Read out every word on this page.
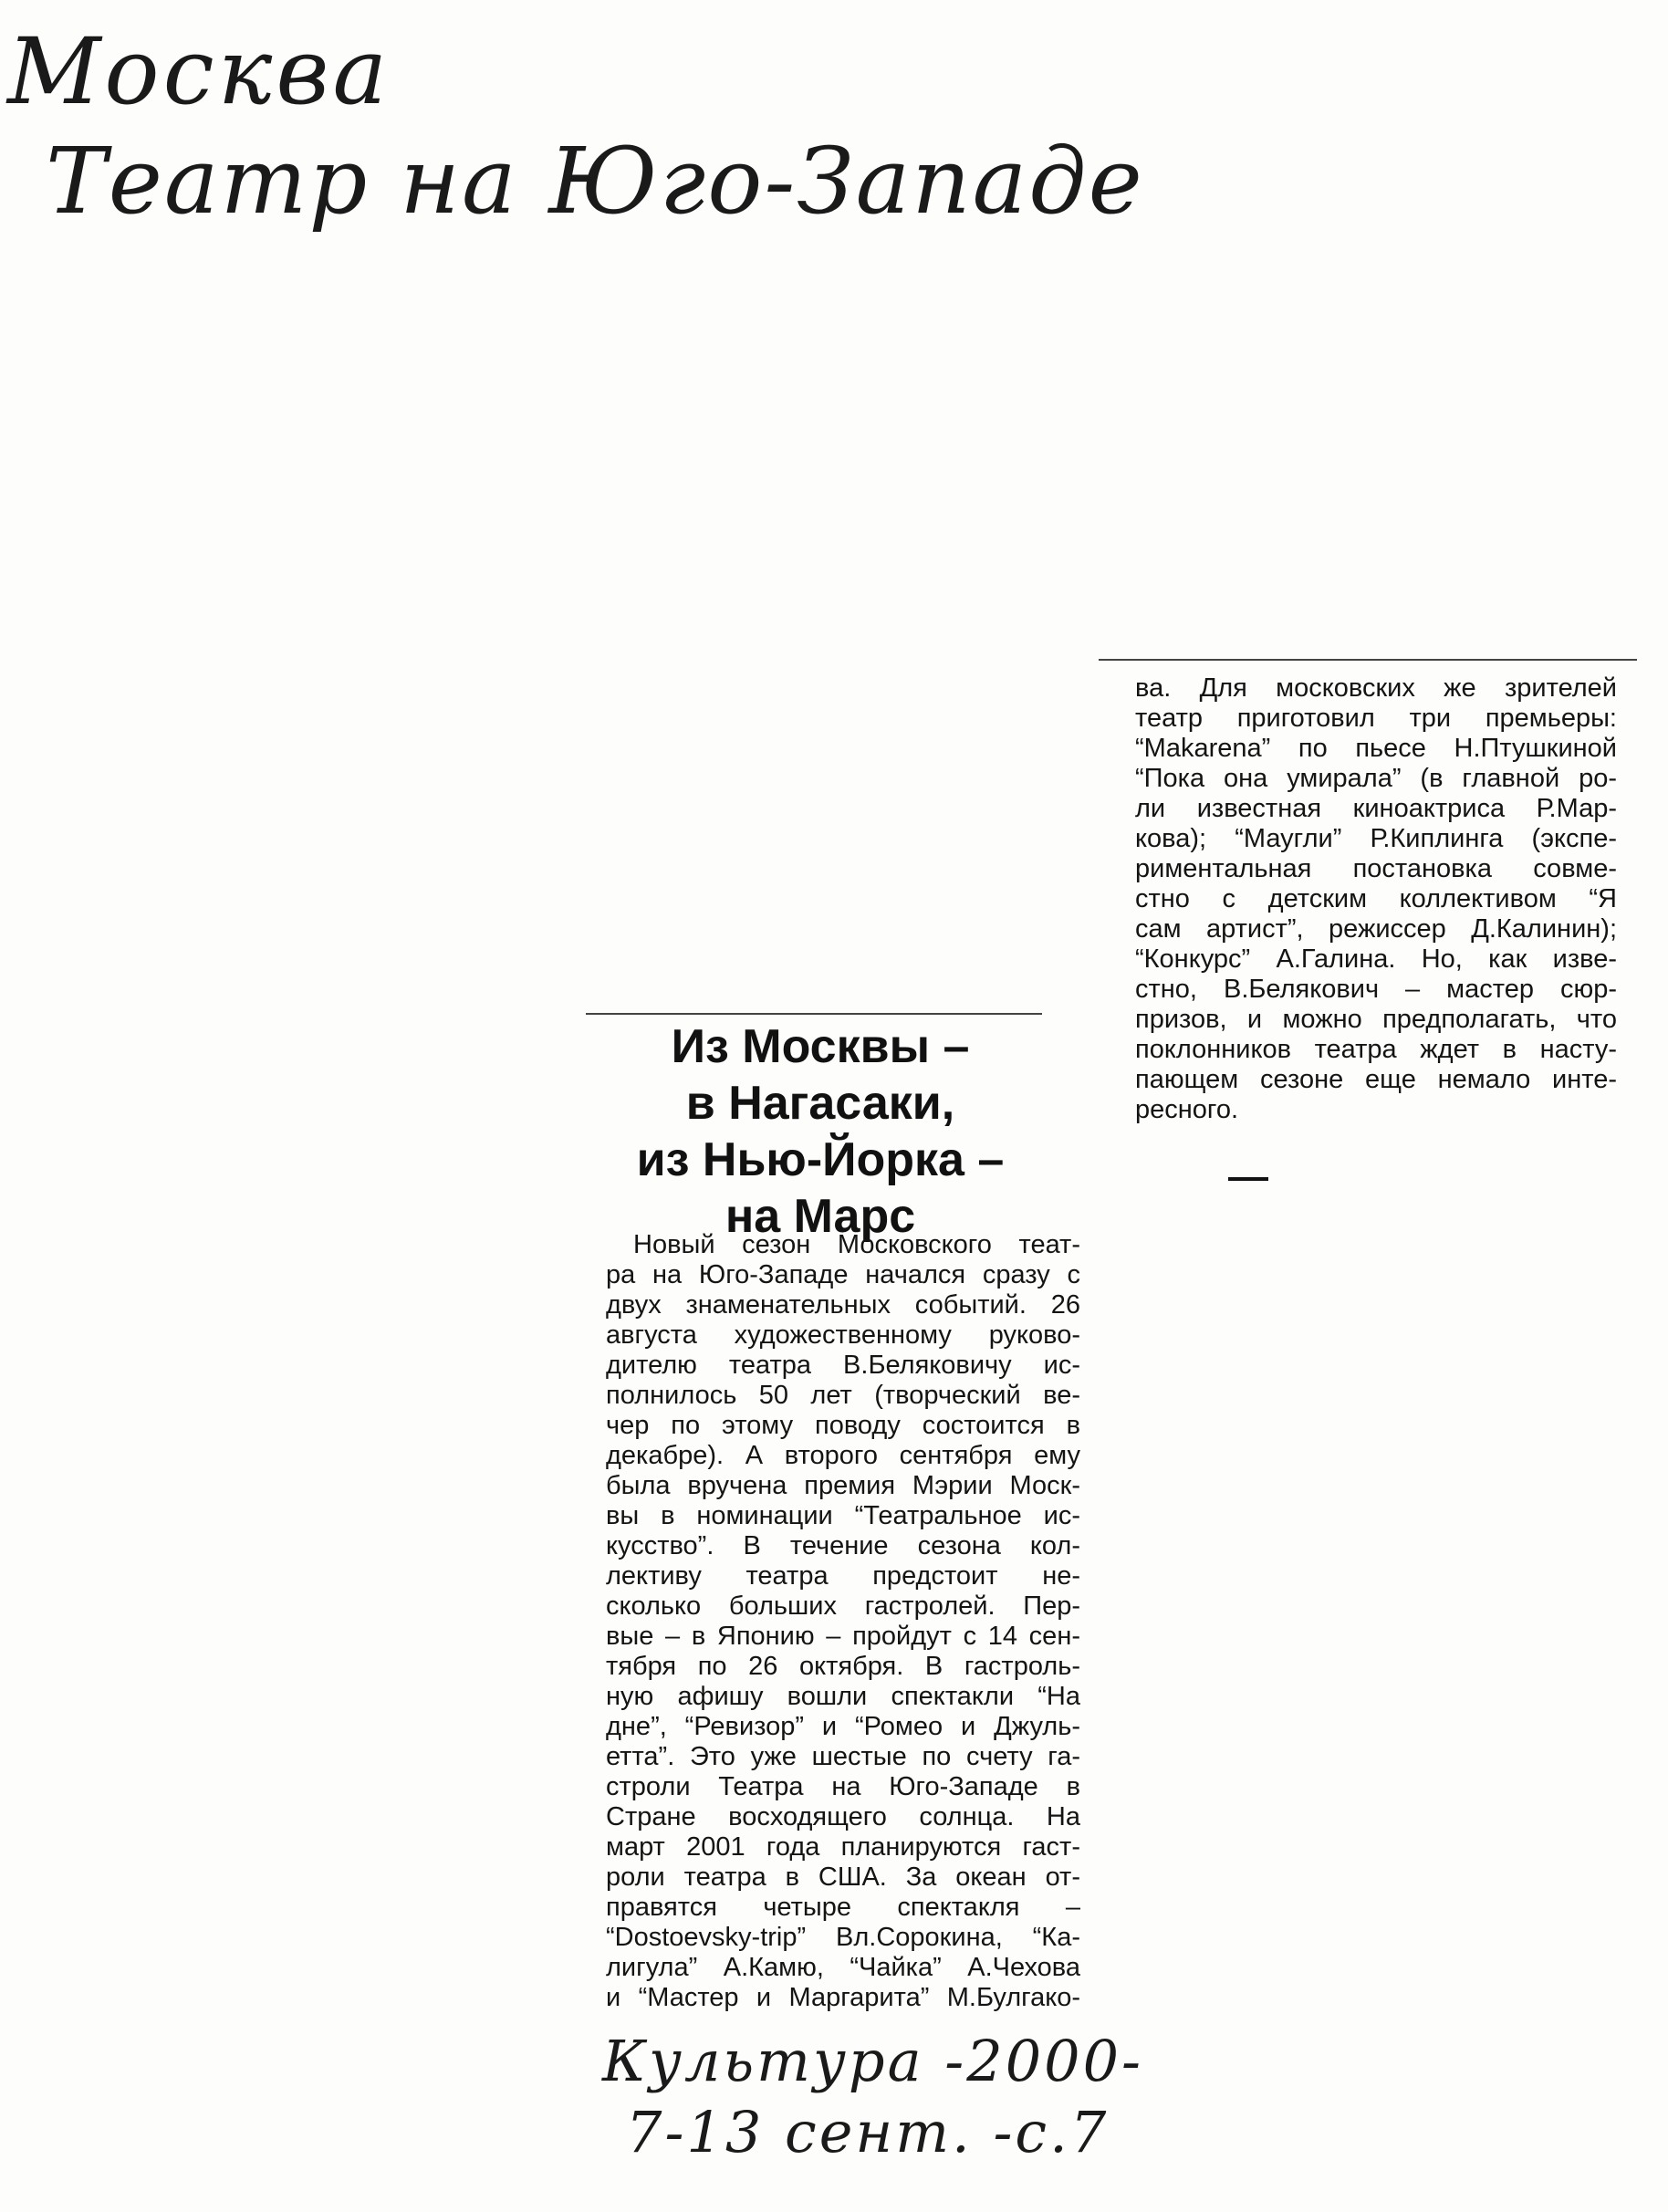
Москва
Театр на Юго-Западе
ва. Для московских же зрителей
театр приготовил три премьеры:
“Makarena” по пьесе Н.Птушкиной
“Пока она умирала” (в главной ро-
ли известная киноактриса Р.Мар-
кова); “Маугли” Р.Киплинга (экспе-
риментальная постановка совме-
стно с детским коллективом “Я
сам артист”, режиссер Д.Калинин);
“Конкурс” А.Галина. Но, как изве-
стно, В.Белякович – мастер сюр-
призов, и можно предполагать, что
поклонников театра ждет в насту-
пающем сезоне еще немало инте-
ресного.
Из Москвы –
в Нагасаки,
из Нью-Йорка –
на Марс
Новый сезон Московского теат-
ра на Юго-Западе начался сразу с
двух знаменательных событий. 26
августа художественному руково-
дителю театра В.Беляковичу ис-
полнилось 50 лет (творческий ве-
чер по этому поводу состоится в
декабре). А второго сентября ему
была вручена премия Мэрии Моск-
вы в номинации “Театральное ис-
кусство”. В течение сезона кол-
лективу театра предстоит не-
сколько больших гастролей. Пер-
вые – в Японию – пройдут с 14 сен-
тября по 26 октября. В гастроль-
ную афишу вошли спектакли “На
дне”, “Ревизор” и “Ромео и Джуль-
етта”. Это уже шестые по счету га-
строли Театра на Юго-Западе в
Стране восходящего солнца. На
март 2001 года планируются гаст-
роли театра в США. За океан от-
правятся четыре спектакля –
“Dostoevsky-trip” Вл.Сорокина, “Ка-
лигула” А.Камю, “Чайка” А.Чехова
и “Мастер и Маргарита” М.Булгако-
Культура -2000-
7-13 сент. -с.7
